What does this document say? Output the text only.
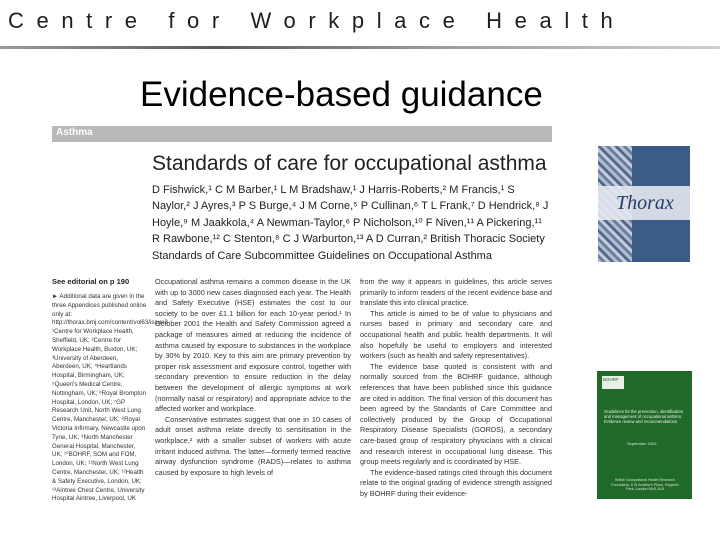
Centre for Workplace Health
Evidence-based guidance
Asthma
Standards of care for occupational asthma
D Fishwick,¹ C M Barber,¹ L M Bradshaw,¹ J Harris-Roberts,² M Francis,¹ S Naylor,² J Ayres,³ P S Burge,⁴ J M Corne,⁵ P Cullinan,⁶ T L Frank,⁷ D Hendrick,⁸ J Hoyle,⁹ M Jaakkola,⁴ A Newman-Taylor,⁶ P Nicholson,¹⁰ F Niven,¹¹ A Pickering,¹¹ R Rawbone,¹² C Stenton,⁸ C J Warburton,¹³ A D Curran,² British Thoracic Society Standards of Care Subcommittee Guidelines on Occupational Asthma
See editorial on p 190
► Additional data are given in the three Appendices published online only at: http://thorax.bmj.com/content/vol63/issue3 ¹Centre for Workplace Health, Sheffield, UK; ²Centre for Workplace Health, Buxton, UK; ³University of Aberdeen, Aberdeen, UK; ⁴Heartlands Hospital, Birmingham, UK; ⁵Queen's Medical Centre, Nottingham, UK; ⁶Royal Brompton Hospital, London, UK; ⁷GP Research Unit, North West Lung Centre, Manchester, UK; ⁸Royal Victoria Infirmary, Newcastle upon Tyne, UK; ⁹North Manchester General Hospital, Manchester, UK; ¹⁰BOHRF, SOM and FOM, London, UK; ¹¹North West Lung Centre, Manchester, UK; ¹²Health & Safety Executive, London, UK; ¹³Aintree Chest Centre, University Hospital Aintree, Liverpool, UK

Occupational asthma remains a common disease in the UK with up to 3000 new cases diagnosed each year. The Health and Safety Executive (HSE) estimates the cost to our society to be over £1.1 billion for each 10-year period.¹ In October 2001 the Health and Safety Commission agreed a package of measures aimed at reducing the incidence of asthma caused by exposure to substances in the workplace by 30% by 2010. Key to this aim are primary prevention by proper risk assessment and exposure control, together with secondary prevention to ensure reduction in the delay between the development of allergic symptoms at work (normally nasal or respiratory) and appropriate advice to the affected worker and workplace.

Conservative estimates suggest that one in 10 cases of adult onset asthma relate directly to sensitisation in the workplace,² with a smaller subset of workers with acute irritant induced asthma. The latter—formerly termed reactive airway dysfunction syndrome (RADS)—relates to asthma caused by exposure to high levels of

from the way it appears in guidelines, this article serves primarily to inform readers of the recent evidence base and translate this into clinical practice.

This article is aimed to be of value to physicians and nurses based in primary and secondary care and occupational health and public health departments. It will also hopefully be useful to employers and interested workers (such as health and safety representatives).

The evidence base quoted is consistent with and normally sourced from the BOHRF guidance, although references that have been published since this guidance are cited in addition. The final version of this document has been agreed by the Standards of Care Committee and collectively produced by the Group of Occupational Respiratory Disease Specialists (GORDS), a secondary care-based group of respiratory physicians with a clinical and research interest in occupational lung disease. This group meets regularly and is coordinated by HSE.

The evidence-based ratings cited through this document relate to the original grading of evidence strength assigned by BOHRF during their evidence-

Thorax
BOHRF
Guidelines for the prevention, identification and management of occupational asthma: Evidence review and recommendations
September 2004
British Occupational Health Research Foundation, 6 St Andrew's Place, Regent's Park, London NW1 4LB
